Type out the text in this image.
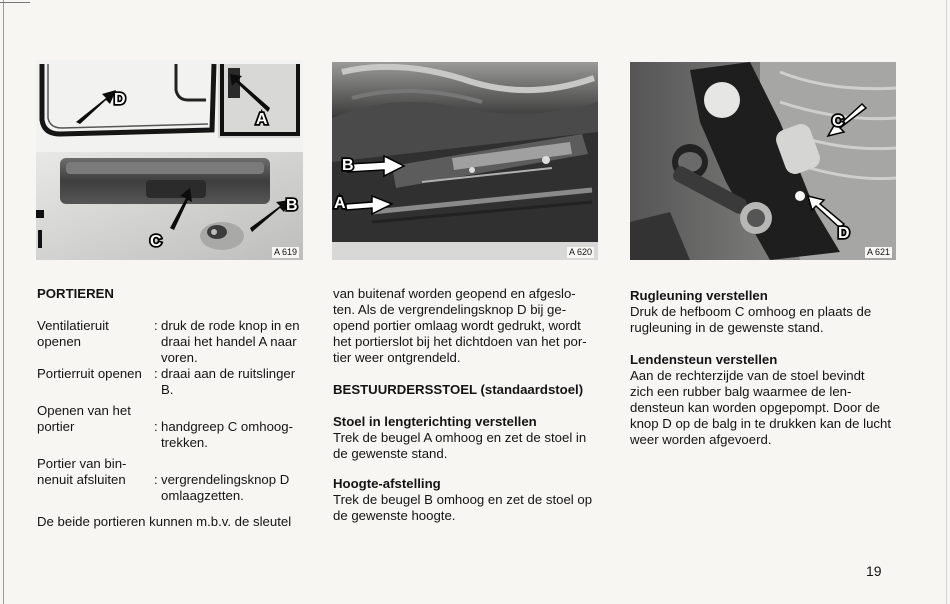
D
A
B
C
A 619
B
A
A 620
C
D
A 621

PORTIEREN

Ventilatieruit
openen
: druk de rode knop in en
draai het handel A naar
voren.
Portierruit openen : draai aan de ruitslinger
B.
Openen van het
portier	: handgreep C omhoog-
trekken.
Portier van bin-
nenuit afsluiten	: vergrendelingsknop D
omlaagzetten.

De beide portieren kunnen m.b.v. de sleutel

van buitenaf worden geopend en afgeslo-

ten. Als de vergrendelingsknop D bij ge-

opend portier omlaag wordt gedrukt, wordt

het portierslot bij het dichtdoen van het por-

tier weer ontgrendeld.

BESTUURDERSSTOEL (standaardstoel)

Stoel in lengterichting verstellen

Trek de beugel A omhoog en zet de stoel in

de gewenste stand.

Hoogte-afstelling

Trek de beugel B omhoog en zet de stoel op

de gewenste hoogte.

Rugleuning verstellen

Druk de hefboom C omhoog en plaats de

rugleuning in de gewenste stand.

Lendensteun verstellen

Aan de rechterzijde van de stoel bevindt

zich een rubber balg waarmee de len-

densteun kan worden opgepompt. Door de

knop D op de balg in te drukken kan de lucht

weer worden afgevoerd.

19
